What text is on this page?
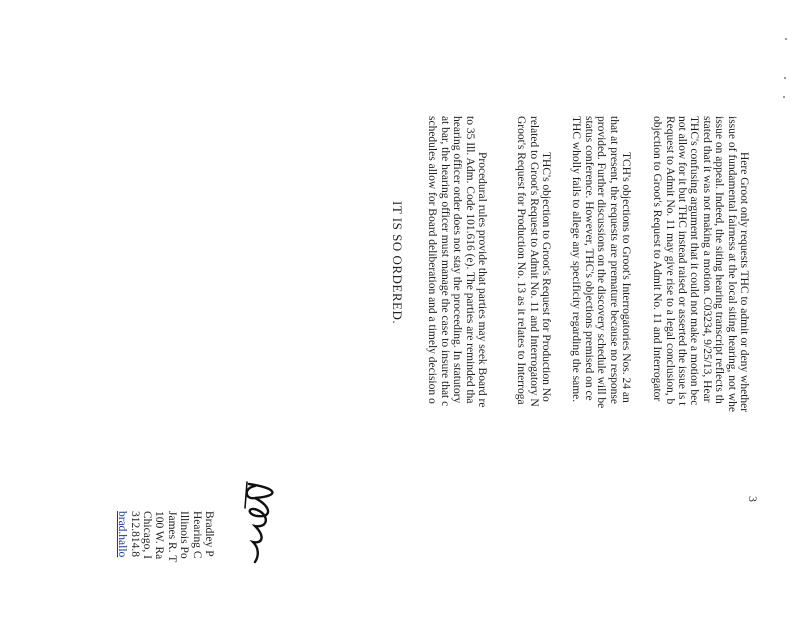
3
Here Groot only requests THC to admit or deny whether
issue of fundamental fairness at the local siting hearing, not whe
issue on appeal. Indeed, the siting hearing transcript reflects th
stated that it was not making a motion. C03234, 9/25/13, Hear
THC's confusing argument that it could not make a motion bec
not allow for it but THC instead raised or asserted the issue is t
Request to Admit No. 11 may give rise to a legal conclusion, b
objection to Groot's Request to Admit No. 11 and Interrogator
TCH's objections to Groot's Interrogatories Nos. 24 an
that at present, the requests are premature because no response
provided. Further discussions on the discovery schedule will be
status conference. However, THC's objections premised on ce
THC wholly fails to allege any specificity regarding the same.
THC's objection to Groot's Request for Production No
related to Groot's Request to Admit No. 11 and Interrogatory N
Groot's Request for Production No. 13 as it relates to Interroga
Procedural rules provide that parties may seek Board re
to 35 Ill. Adm. Code 101.616 (e). The parties are reminded tha
hearing officer order does not stay the proceeding. In statutory
at bar, the hearing officer must manage the case to insure that c
schedules allow for Board deliberation and a timely decision o
IT IS SO ORDERED.
Bradley P
Hearing C
Illinois Po
James R. T
100 W. Ra
Chicago, I
312.814.8
brad.hallo
